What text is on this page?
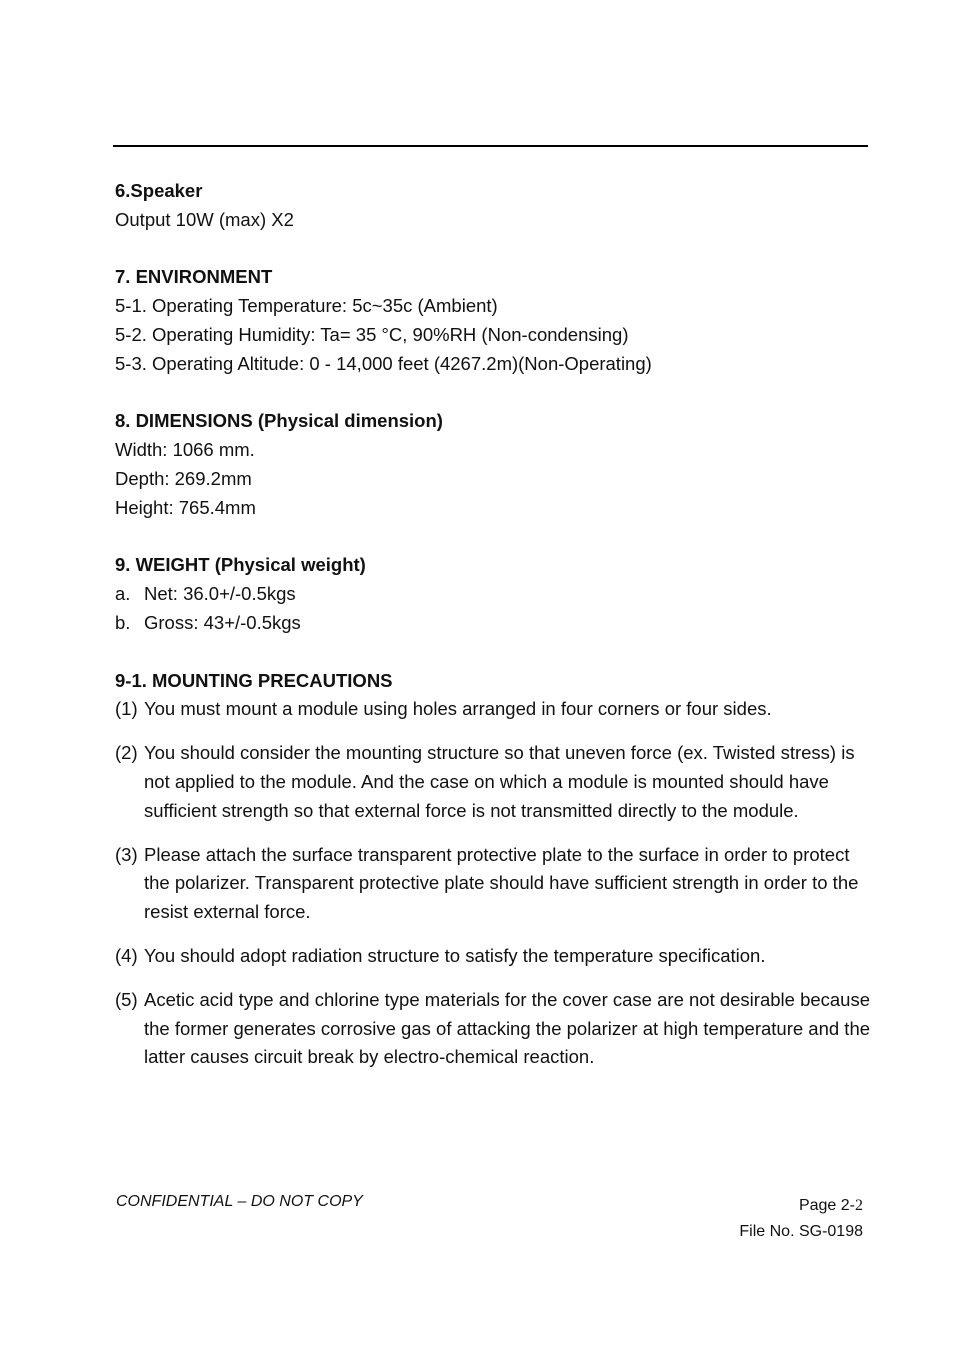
6.Speaker
Output 10W (max) X2
7. ENVIRONMENT
5-1. Operating Temperature: 5c~35c (Ambient)
5-2. Operating Humidity: Ta= 35 °C, 90%RH (Non-condensing)
5-3. Operating Altitude: 0 - 14,000 feet (4267.2m)(Non-Operating)
8. DIMENSIONS (Physical dimension)
Width: 1066 mm.
Depth: 269.2mm
Height: 765.4mm
9. WEIGHT (Physical weight)
a. Net: 36.0+/-0.5kgs
b. Gross: 43+/-0.5kgs
9-1. MOUNTING PRECAUTIONS
(1) You must mount a module using holes arranged in four corners or four sides.
(2) You should consider the mounting structure so that uneven force (ex. Twisted stress) is not applied to the module. And the case on which a module is mounted should have sufficient strength so that external force is not transmitted directly to the module.
(3) Please attach the surface transparent protective plate to the surface in order to protect the polarizer. Transparent protective plate should have sufficient strength in order to the resist external force.
(4) You should adopt radiation structure to satisfy the temperature specification.
(5) Acetic acid type and chlorine type materials for the cover case are not desirable because the former generates corrosive gas of attacking the polarizer at high temperature and the latter causes circuit break by electro-chemical reaction.
CONFIDENTIAL – DO NOT COPY	Page 2-2
File No. SG-0198
